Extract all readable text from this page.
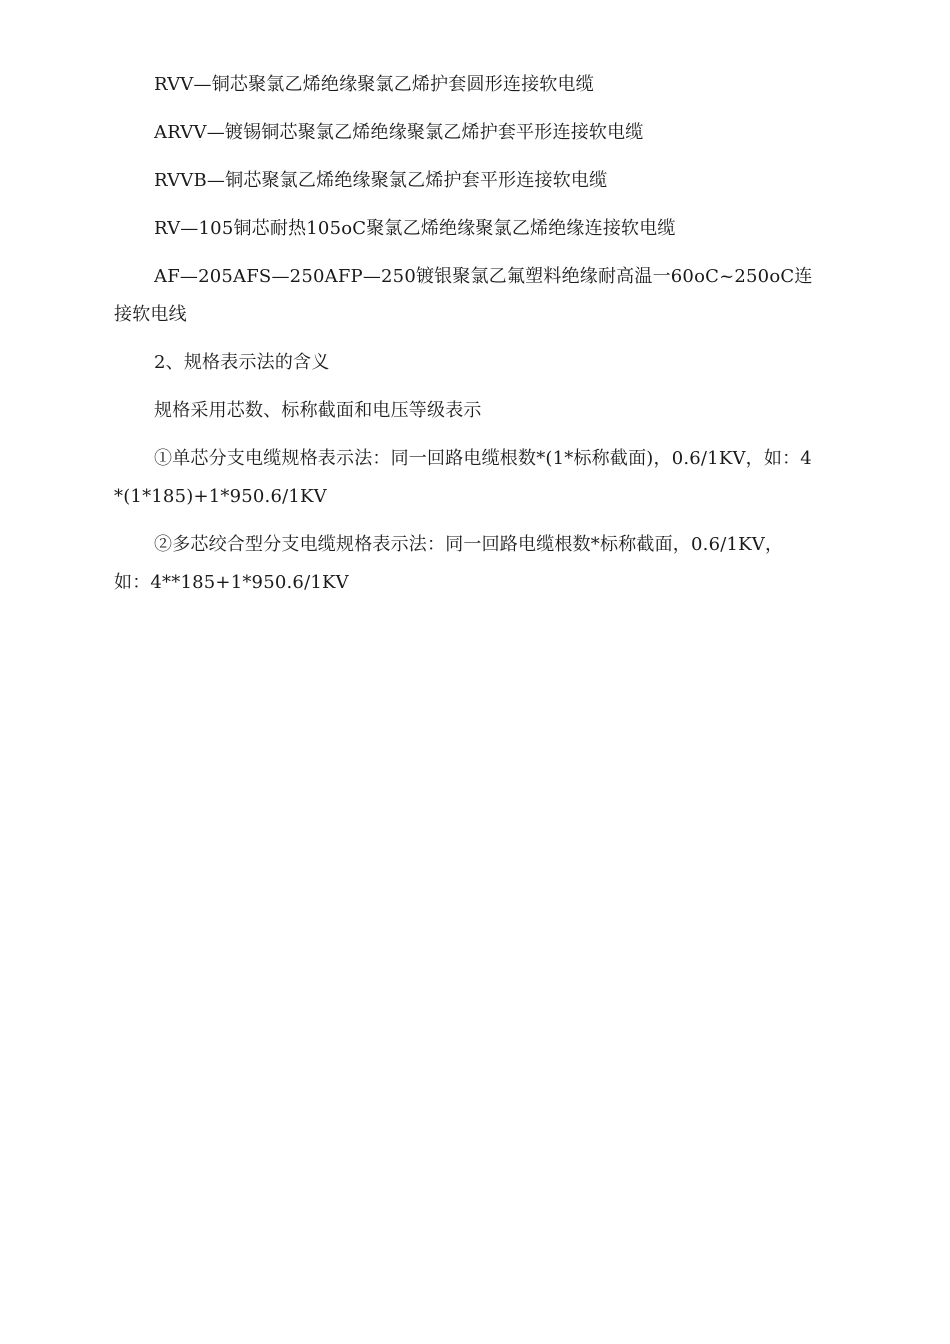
RVV—铜芯聚氯乙烯绝缘聚氯乙烯护套圆形连接软电缆

ARVV—镀锡铜芯聚氯乙烯绝缘聚氯乙烯护套平形连接软电缆

RVVB—铜芯聚氯乙烯绝缘聚氯乙烯护套平形连接软电缆

RV—105铜芯耐热105oC聚氯乙烯绝缘聚氯乙烯绝缘连接软电缆

AF—205AFS—250AFP—250镀银聚氯乙氟塑料绝缘耐高温一60oC~250oC连接软电线

2、规格表示法的含义

规格采用芯数、标称截面和电压等级表示

①单芯分支电缆规格表示法：同一回路电缆根数*(1*标称截面)，0.6/1KV，如：4*(1*185)+1*950.6/1KV

②多芯绞合型分支电缆规格表示法：同一回路电缆根数*标称截面，0.6/1KV，如：4**185+1*950.6/1KV
